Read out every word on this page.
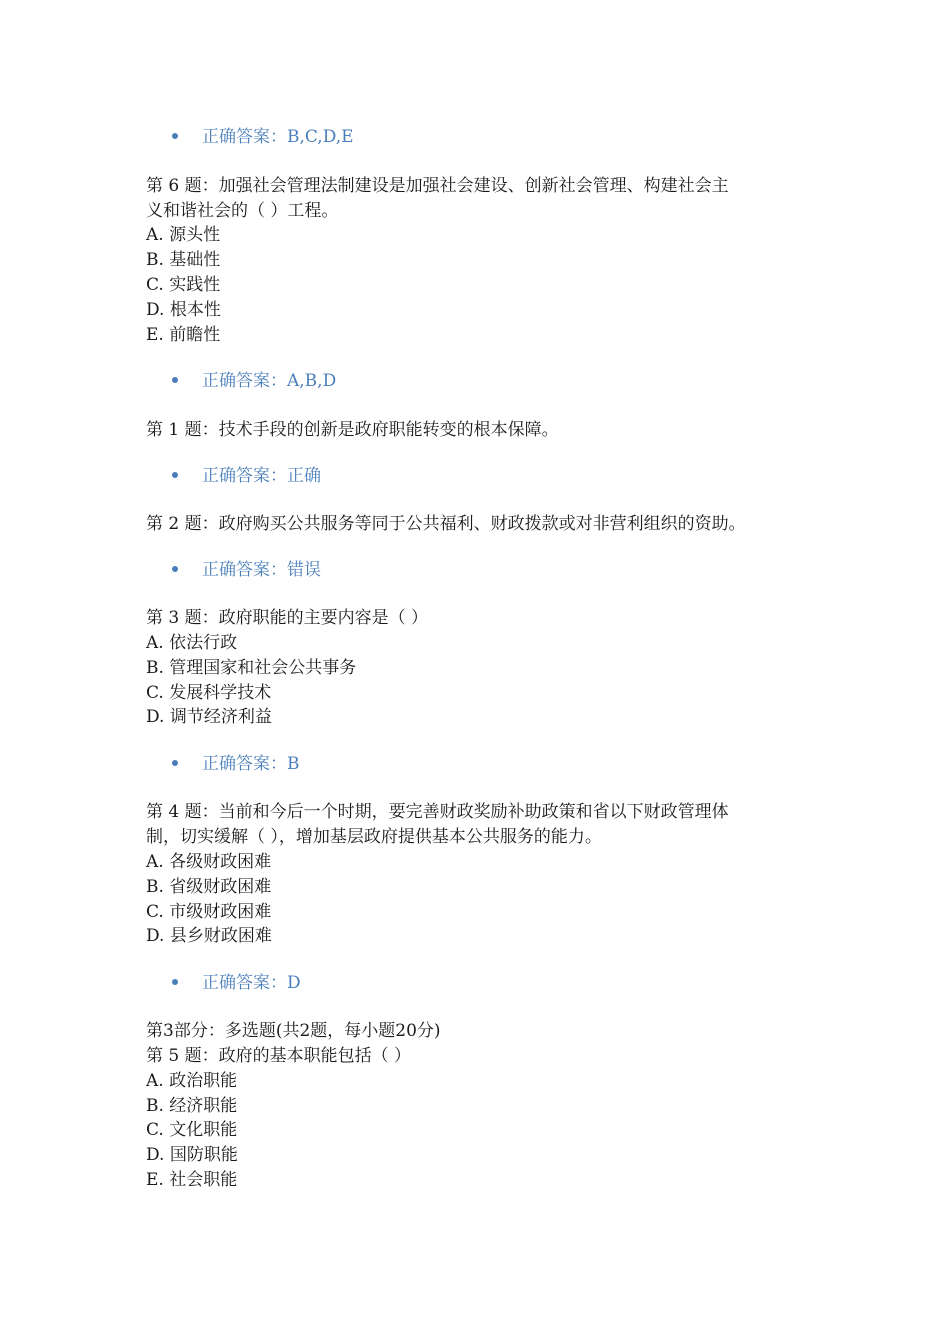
正确答案：B,C,D,E
第 6 题：加强社会管理法制建设是加强社会建设、创新社会管理、构建社会主
义和谐社会的（ ）工程。
A. 源头性
B. 基础性
C. 实践性
D. 根本性
E. 前瞻性
正确答案：A,B,D
第 1 题：技术手段的创新是政府职能转变的根本保障。
正确答案：正确
第 2 题：政府购买公共服务等同于公共福利、财政拨款或对非营利组织的资助。
正确答案：错误
第 3 题：政府职能的主要内容是（ ）
A. 依法行政
B. 管理国家和社会公共事务
C. 发展科学技术
D. 调节经济利益
正确答案：B
第 4 题：当前和今后一个时期，要完善财政奖励补助政策和省以下财政管理体
制，切实缓解（ ），增加基层政府提供基本公共服务的能力。
A. 各级财政困难
B. 省级财政困难
C. 市级财政困难
D. 县乡财政困难
正确答案：D
第3部分：多选题(共2题，每小题20分)
第 5 题：政府的基本职能包括（ ）
A. 政治职能
B. 经济职能
C. 文化职能
D. 国防职能
E. 社会职能
